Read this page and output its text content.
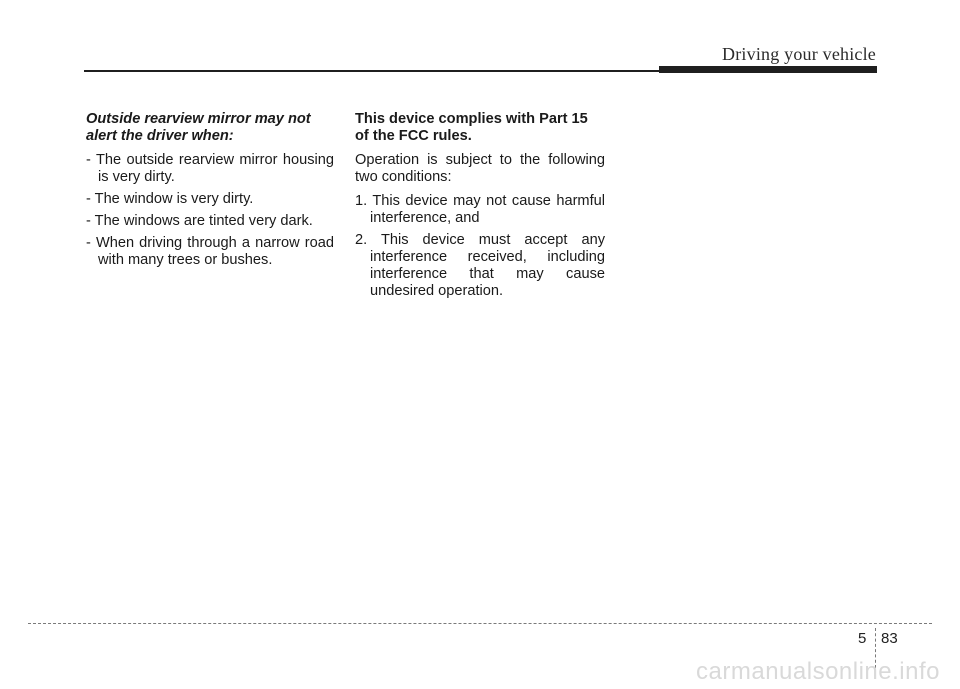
Driving your vehicle

Outside rearview mirror may not alert the driver when:

- The outside rearview mirror housing is very dirty.

- The window is very dirty.

- The windows are tinted very dark.

- When driving through a narrow road with many trees or bushes.

This device complies with Part 15 of the FCC rules.

Operation is subject to the following two conditions:

1. This device may not cause harmful interference, and

2. This device must accept any interference received, including interference that may cause undesired operation.

5 83
carmanualsonline.info
